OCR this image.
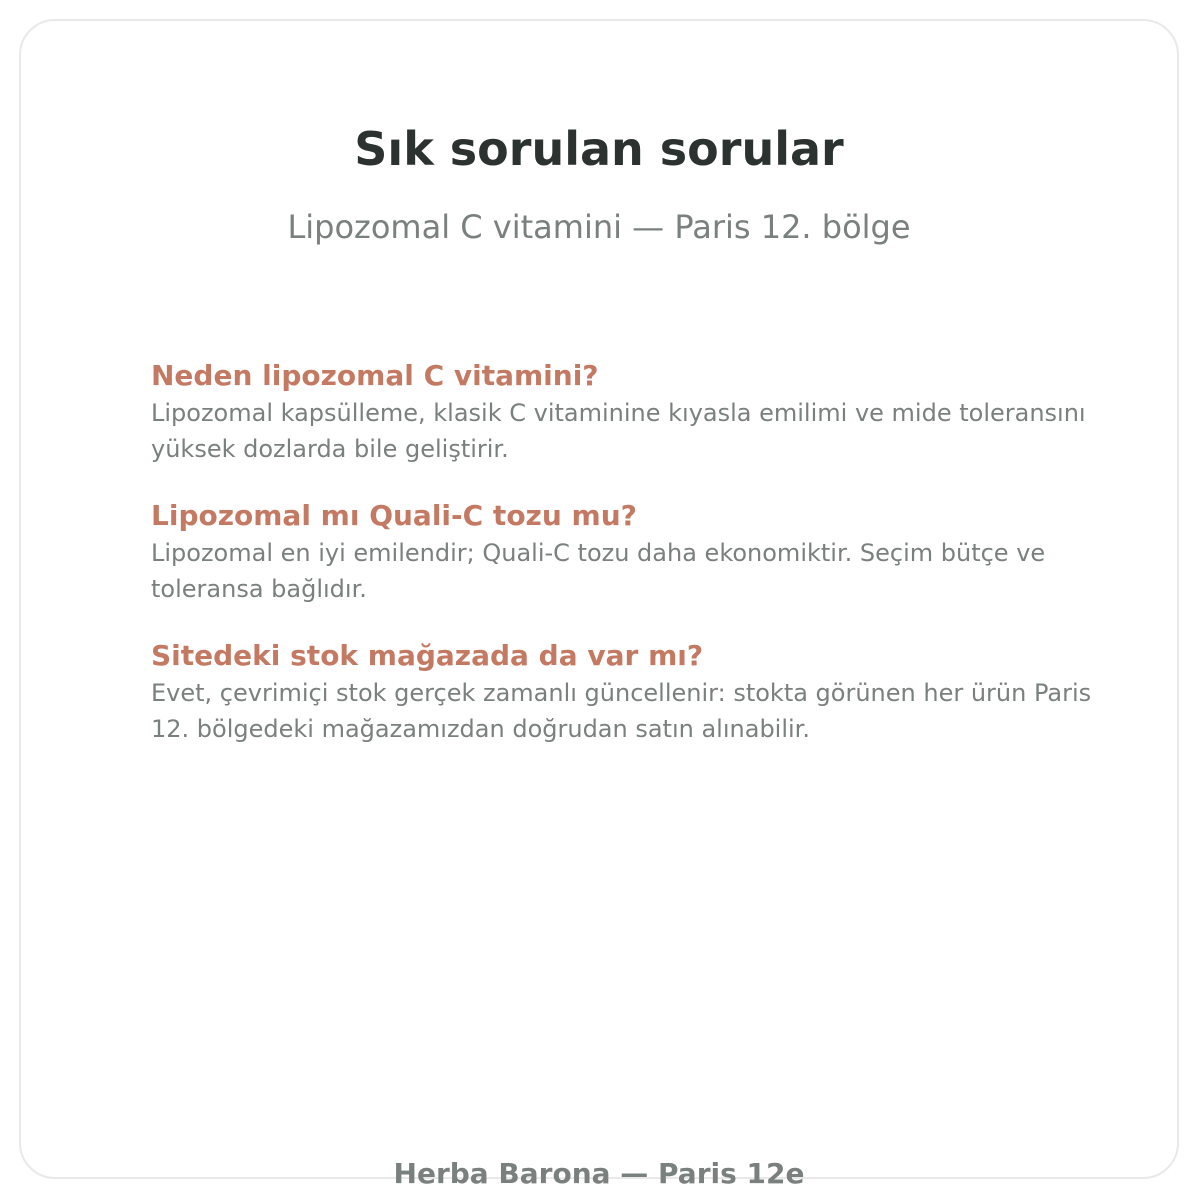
Sık sorulan sorular

Lipozomal C vitamini — Paris 12. bölge

Neden lipozomal C vitamini?

Lipozomal kapsülleme, klasik C vitaminine kıyasla emilimi ve mide toleransını yüksek dozlarda bile geliştirir.

Lipozomal mı Quali-C tozu mu?

Lipozomal en iyi emilendir; Quali-C tozu daha ekonomiktir. Seçim bütçe ve toleransa bağlıdır.

Sitedeki stok mağazada da var mı?

Evet, çevrimiçi stok gerçek zamanlı güncellenir: stokta görünen her ürün Paris 12. bölgedeki mağazamızdan doğrudan satın alınabilir.

Herba Barona — Paris 12e
